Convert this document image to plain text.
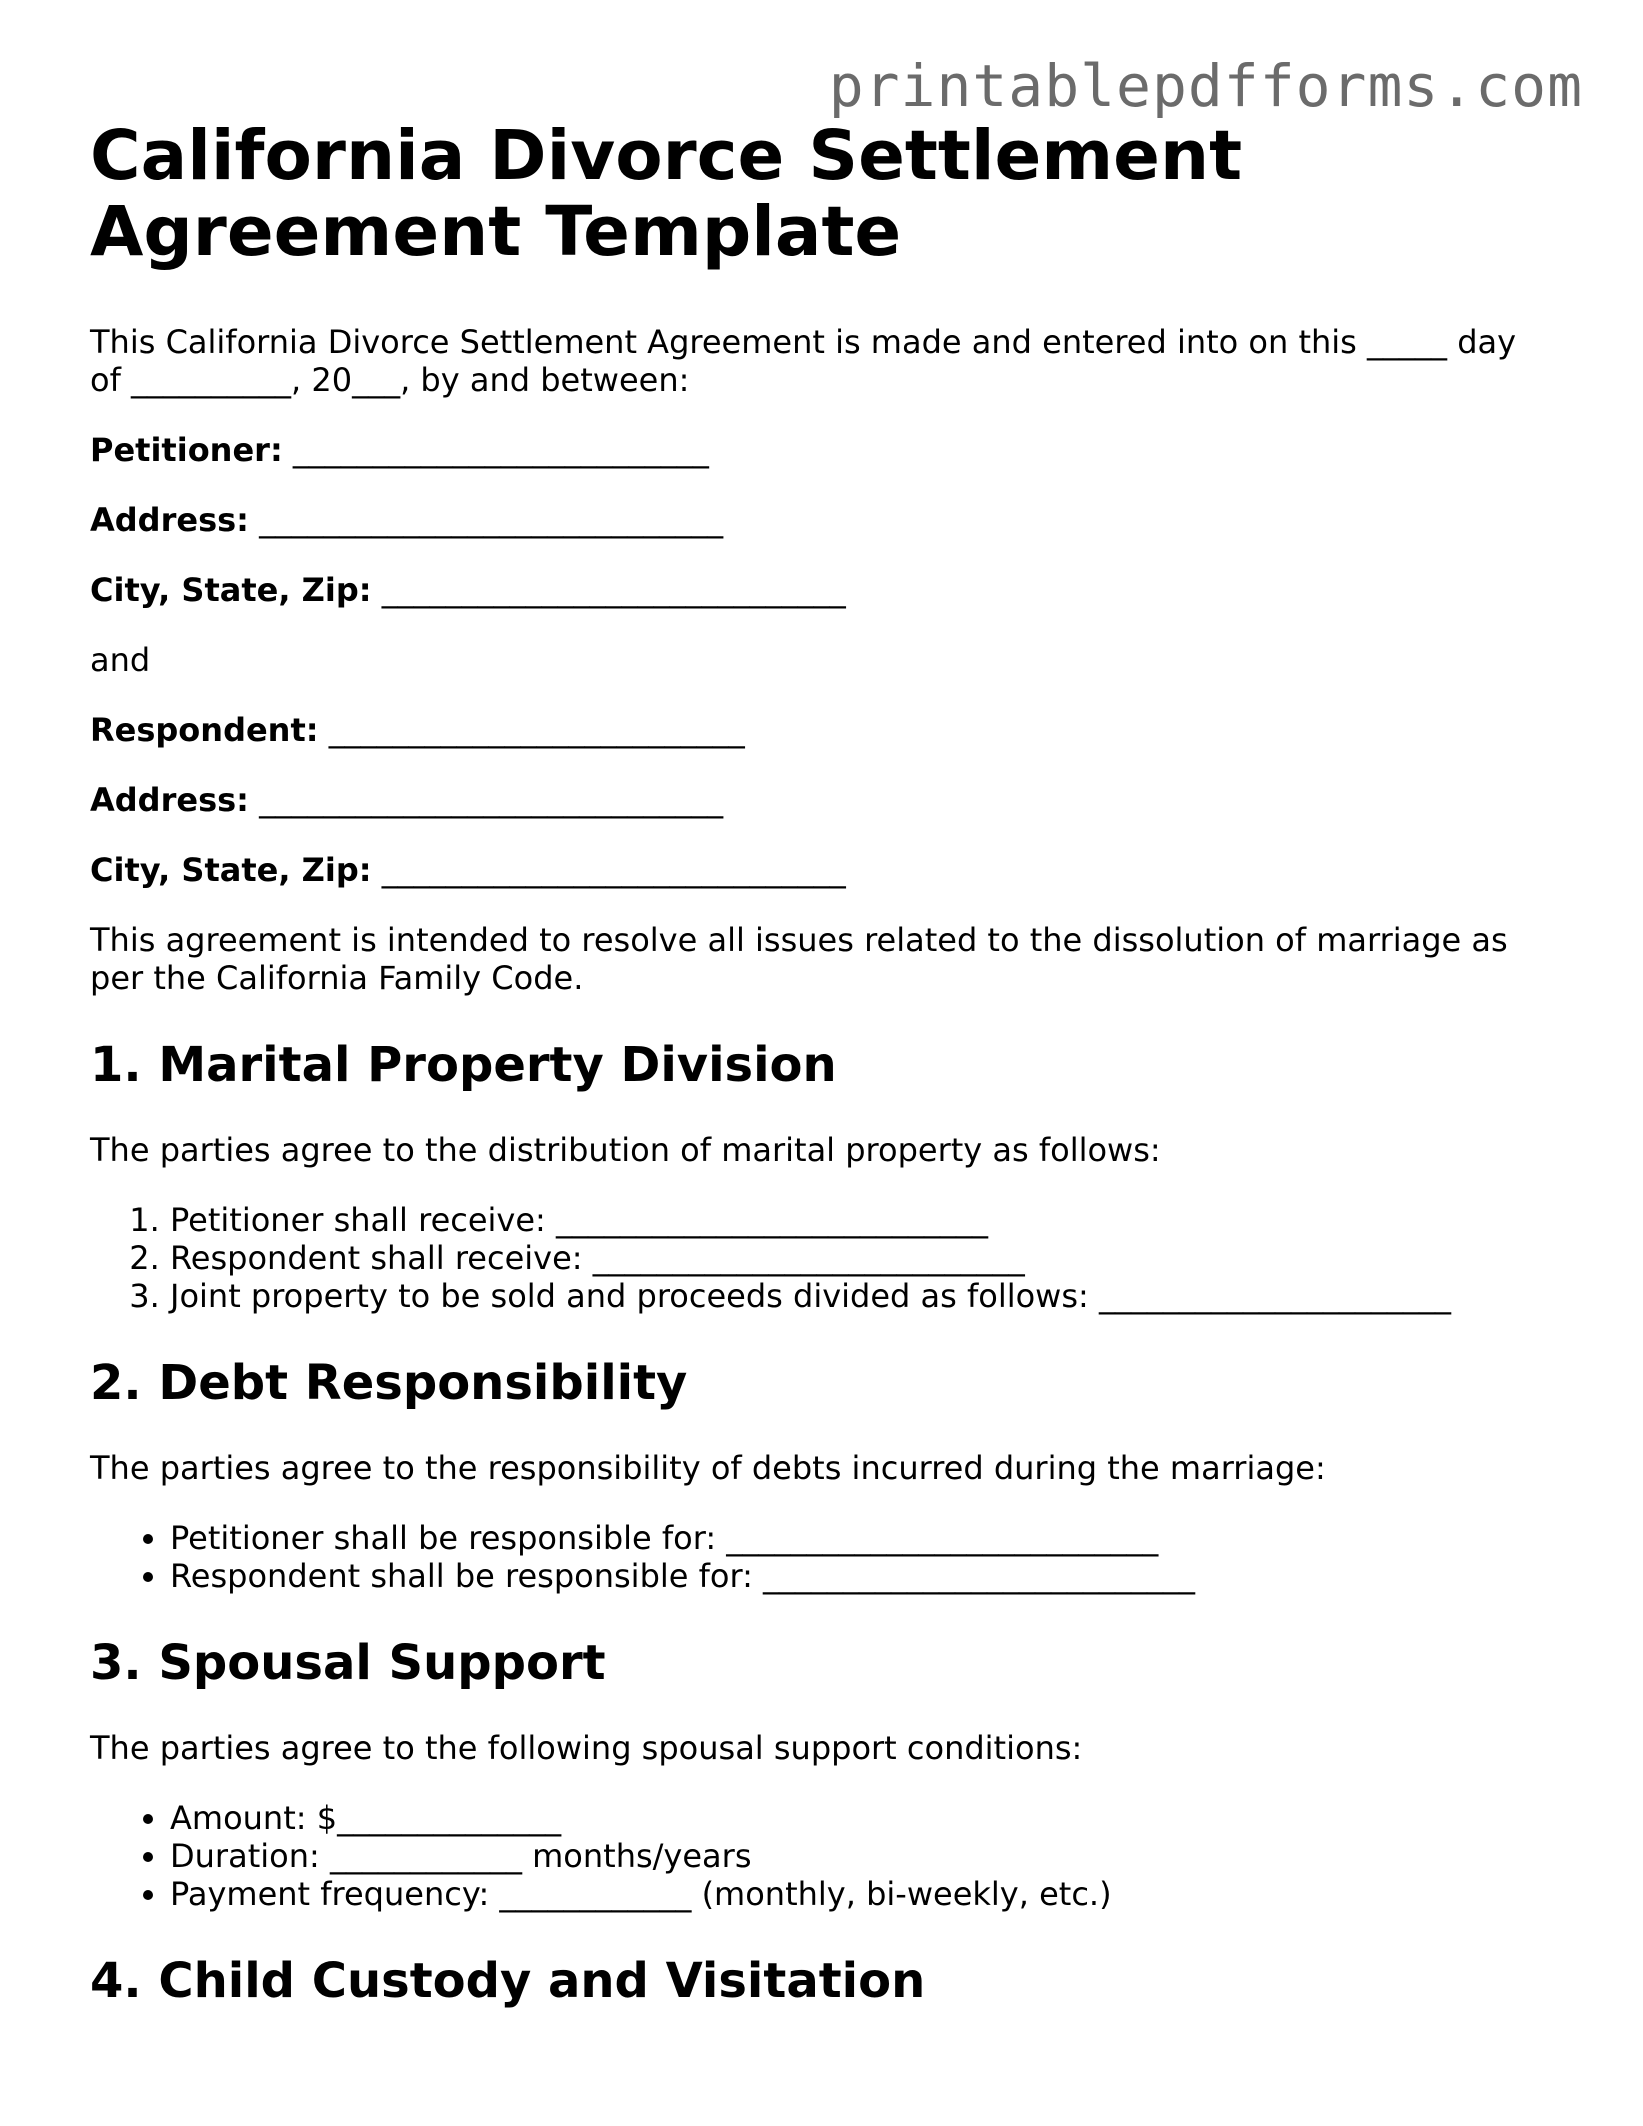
printablepdfforms.com
California Divorce Settlement Agreement Template

This California Divorce Settlement Agreement is made and entered into on this _____ day of __________, 20___, by and between:

Petitioner: __________________________

Address: _____________________________

City, State, Zip: _____________________________

and

Respondent: __________________________

Address: _____________________________

City, State, Zip: _____________________________

This agreement is intended to resolve all issues related to the dissolution of marriage as per the California Family Code.

1. Marital Property Division

The parties agree to the distribution of marital property as follows:

1. Petitioner shall receive: ___________________________
2. Respondent shall receive: ___________________________
3. Joint property to be sold and proceeds divided as follows: ______________________
2. Debt Responsibility

The parties agree to the responsibility of debts incurred during the marriage:

• Petitioner shall be responsible for: ___________________________
• Respondent shall be responsible for: ___________________________
3. Spousal Support

The parties agree to the following spousal support conditions:

• Amount: $______________
• Duration: ____________ months/years
• Payment frequency: ____________ (monthly, bi-weekly, etc.)
4. Child Custody and Visitation
